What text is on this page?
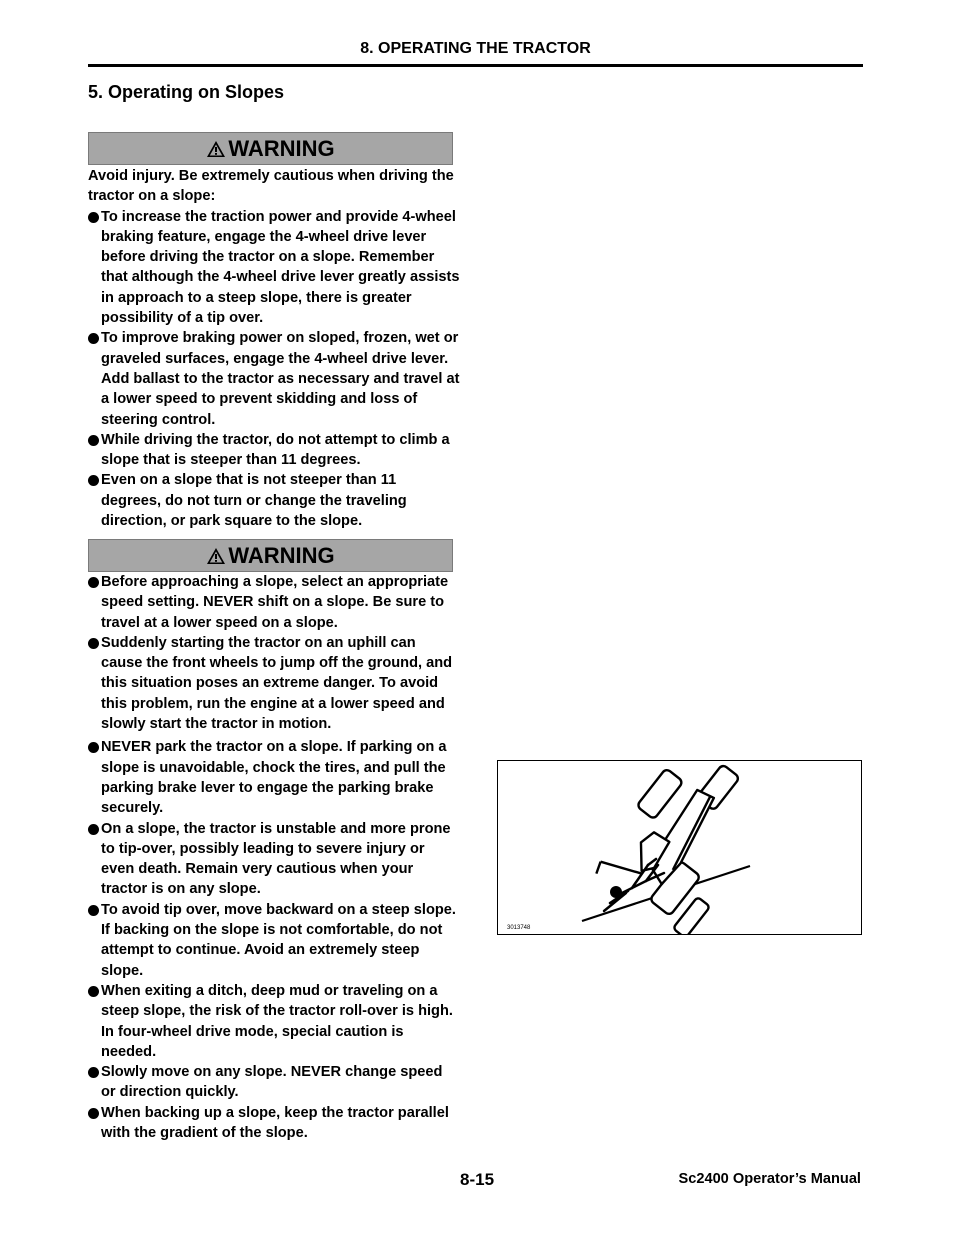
8. OPERATING THE TRACTOR
5. Operating on Slopes
WARNING

Avoid injury. Be extremely cautious when driving the tractor on a slope:

To increase the traction power and provide 4-wheel braking feature, engage the 4-wheel drive lever before driving the tractor on a slope. Remember that although the 4-wheel drive lever greatly assists in approach to a steep slope, there is greater possibility of a tip over.

To improve braking power on sloped, frozen, wet or graveled surfaces, engage the 4-wheel drive lever. Add ballast to the tractor as necessary and travel at a lower speed to prevent skidding and loss of steering control.

While driving the tractor, do not attempt to climb a slope that is steeper than 11 degrees.

Even on a slope that is not steeper than 11 degrees, do not turn or change the traveling direction, or park square to the slope.

WARNING

Before approaching a slope, select an appropriate speed setting. NEVER shift on a slope. Be sure to travel at a lower speed on a slope.

Suddenly starting the tractor on an uphill can cause the front wheels to jump off the ground, and this situation poses an extreme danger. To avoid this problem, run the engine at a lower speed and slowly start the tractor in motion.

NEVER park the tractor on a slope. If parking on a slope is unavoidable, chock the tires, and pull the parking brake lever to engage the parking brake securely.

On a slope, the tractor is unstable and more prone to tip-over, possibly leading to severe injury or even death. Remain very cautious when your tractor is on any slope.

To avoid tip over, move backward on a steep slope. If backing on the slope is not comfortable, do not attempt to continue. Avoid an extremely steep slope.

When exiting a ditch, deep mud or traveling on a steep slope, the risk of the tractor roll-over is high. In four-wheel drive mode, special caution is needed.

Slowly move on any slope. NEVER change speed or direction quickly.

When backing up a slope, keep the tractor parallel with the gradient of the slope.

3013748
8-15	Sc2400 Operator’s Manual
